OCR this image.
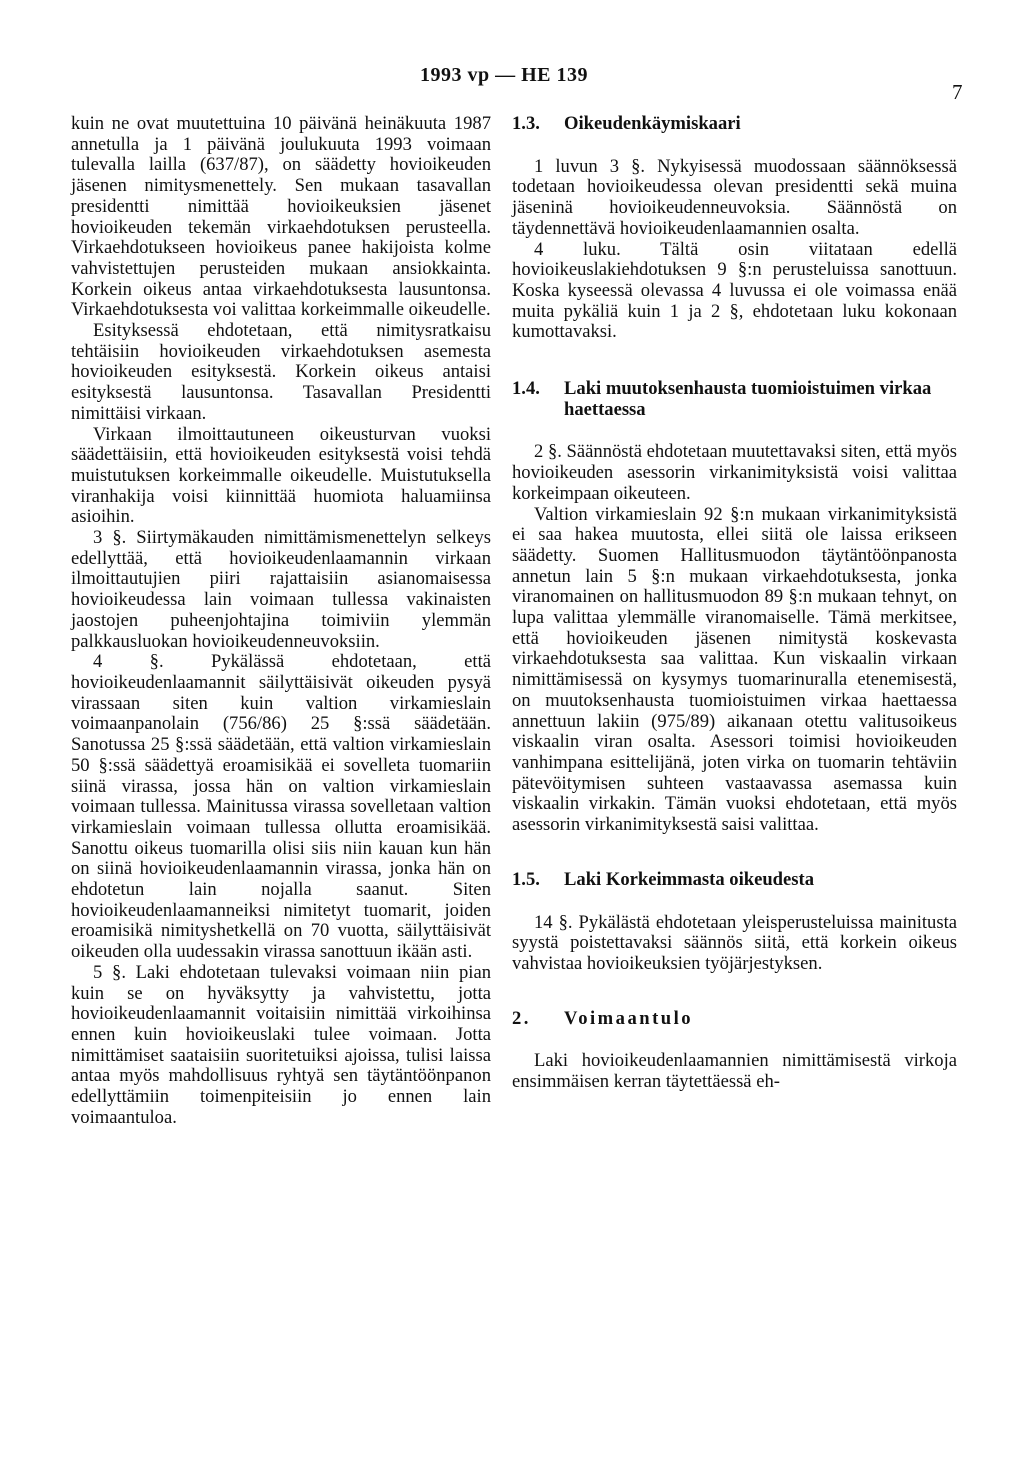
1993 vp — HE 139
7

kuin ne ovat muutettuina 10 päivänä heinäkuuta 1987 annetulla ja 1 päivänä joulukuuta 1993 voimaan tulevalla lailla (637/87), on säädetty hovioikeuden jäsenen nimitysmenettely. Sen mukaan tasavallan presidentti nimittää hovioikeuksien jäsenet hovioikeuden tekemän virkaehdotuksen perusteella. Virkaehdotukseen hovioikeus panee hakijoista kolme vahvistettujen perusteiden mukaan ansiokkainta. Korkein oikeus antaa virkaehdotuksesta lausuntonsa. Virkaehdotuksesta voi valittaa korkeimmalle oikeudelle.

Esityksessä ehdotetaan, että nimitysratkaisu tehtäisiin hovioikeuden virkaehdotuksen asemesta hovioikeuden esityksestä. Korkein oikeus antaisi esityksestä lausuntonsa. Tasavallan Presidentti nimittäisi virkaan.

Virkaan ilmoittautuneen oikeusturvan vuoksi säädettäisiin, että hovioikeuden esityksestä voisi tehdä muistutuksen korkeimmalle oikeudelle. Muistutuksella viranhakija voisi kiinnittää huomiota haluamiinsa asioihin.

3 §. Siirtymäkauden nimittämismenettelyn selkeys edellyttää, että hovioikeudenlaamannin virkaan ilmoittautujien piiri rajattaisiin asianomaisessa hovioikeudessa lain voimaan tullessa vakinaisten jaostojen puheenjohtajina toimiviin ylemmän palkkausluokan hovioikeudenneuvoksiin.

4 §. Pykälässä ehdotetaan, että hovioikeudenlaamannit säilyttäisivät oikeuden pysyä virassaan siten kuin valtion virkamieslain voimaanpanolain (756/86) 25 §:ssä säädetään. Sanotussa 25 §:ssä säädetään, että valtion virkamieslain 50 §:ssä säädettyä eroamisikää ei sovelleta tuomariin siinä virassa, jossa hän on valtion virkamieslain voimaan tullessa. Mainitussa virassa sovelletaan valtion virkamieslain voimaan tullessa ollutta eroamisikää. Sanottu oikeus tuomarilla olisi siis niin kauan kun hän on siinä hovioikeudenlaamannin virassa, jonka hän on ehdotetun lain nojalla saanut. Siten hovioikeudenlaamanneiksi nimitetyt tuomarit, joiden eroamisikä nimityshetkellä on 70 vuotta, säilyttäisivät oikeuden olla uudessakin virassa sanottuun ikään asti.

5 §. Laki ehdotetaan tulevaksi voimaan niin pian kuin se on hyväksytty ja vahvistettu, jotta hovioikeudenlaamannit voitaisiin nimittää virkoihinsa ennen kuin hovioikeuslaki tulee voimaan. Jotta nimittämiset saataisiin suoritetuiksi ajoissa, tulisi laissa antaa myös mahdollisuus ryhtyä sen täytäntöönpanon edellyttämiin toimenpiteisiin jo ennen lain voimaantuloa.

1.3.	Oikeudenkäymiskaari

1 luvun 3 §. Nykyisessä muodossaan säännöksessä todetaan hovioikeudessa olevan presidentti sekä muina jäseninä hovioikeudenneuvoksia. Säännöstä on täydennettävä hovioikeudenlaamannien osalta.

4 luku. Tältä osin viitataan edellä hovioikeuslakiehdotuksen 9 §:n perusteluissa sanottuun. Koska kyseessä olevassa 4 luvussa ei ole voimassa enää muita pykäliä kuin 1 ja 2 §, ehdotetaan luku kokonaan kumottavaksi.

1.4.	Laki muutoksenhausta tuomioistuimen virkaa haettaessa

2 §. Säännöstä ehdotetaan muutettavaksi siten, että myös hovioikeuden asessorin virkanimityksistä voisi valittaa korkeimpaan oikeuteen.

Valtion virkamieslain 92 §:n mukaan virkanimityksistä ei saa hakea muutosta, ellei siitä ole laissa erikseen säädetty. Suomen Hallitusmuodon täytäntöönpanosta annetun lain 5 §:n mukaan virkaehdotuksesta, jonka viranomainen on hallitusmuodon 89 §:n mukaan tehnyt, on lupa valittaa ylemmälle viranomaiselle. Tämä merkitsee, että hovioikeuden jäsenen nimitystä koskevasta virkaehdotuksesta saa valittaa. Kun viskaalin virkaan nimittämisessä on kysymys tuomarinuralla etenemisestä, on muutoksenhausta tuomioistuimen virkaa haettaessa annettuun lakiin (975/89) aikanaan otettu valitusoikeus viskaalin viran osalta. Asessori toimisi hovioikeuden vanhimpana esittelijänä, joten virka on tuomarin tehtäviin pätevöitymisen suhteen vastaavassa asemassa kuin viskaalin virkakin. Tämän vuoksi ehdotetaan, että myös asessorin virkanimityksestä saisi valittaa.

1.5.	Laki Korkeimmasta oikeudesta

14 §. Pykälästä ehdotetaan yleisperusteluissa mainitusta syystä poistettavaksi säännös siitä, että korkein oikeus vahvistaa hovioikeuksien työjärjestyksen.

2.	Voimaantulo

Laki hovioikeudenlaamannien nimittämisestä virkoja ensimmäisen kerran täytettäessä eh-
